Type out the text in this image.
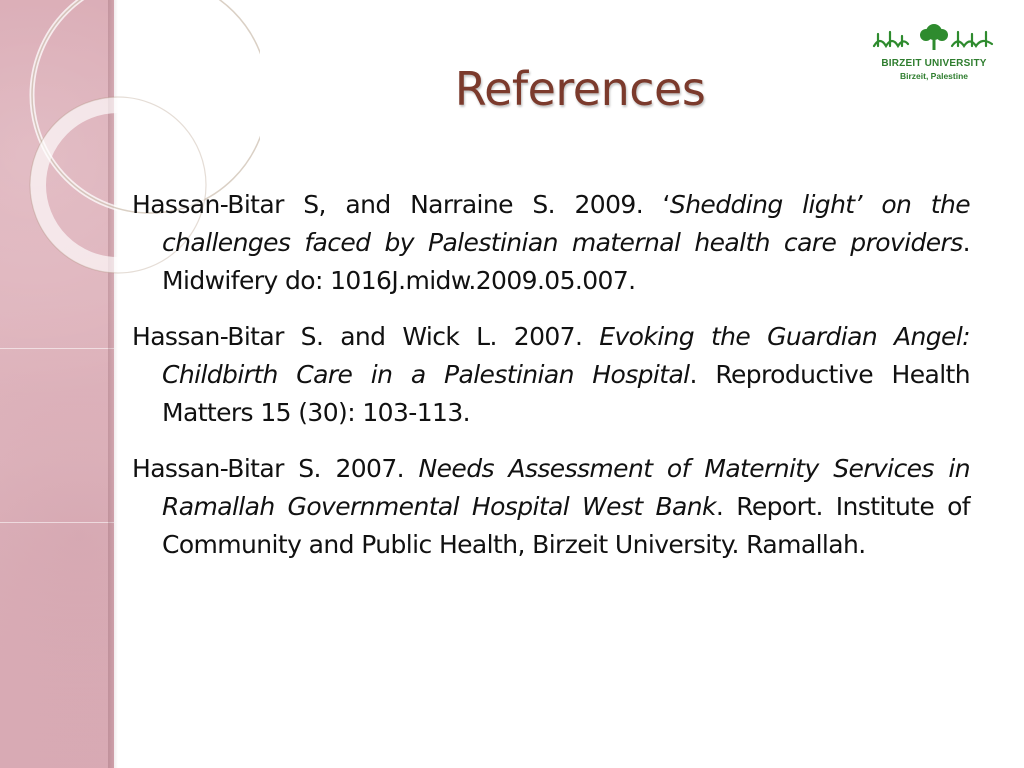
BIRZEIT UNIVERSITY
Birzeit, Palestine
References

Hassan-Bitar S, and Narraine S. 2009. ‘Shedding light’ on the challenges faced by Palestinian maternal health care providers. Midwifery do: 1016J.midw.2009.05.007.

Hassan-Bitar S. and Wick L. 2007. Evoking the Guardian Angel: Childbirth Care in a Palestinian Hospital. Reproductive Health Matters 15 (30): 103-113.

Hassan-Bitar S. 2007. Needs Assessment of Maternity Services in Ramallah Governmental Hospital West Bank. Report. Institute of Community and Public Health, Birzeit University. Ramallah.
